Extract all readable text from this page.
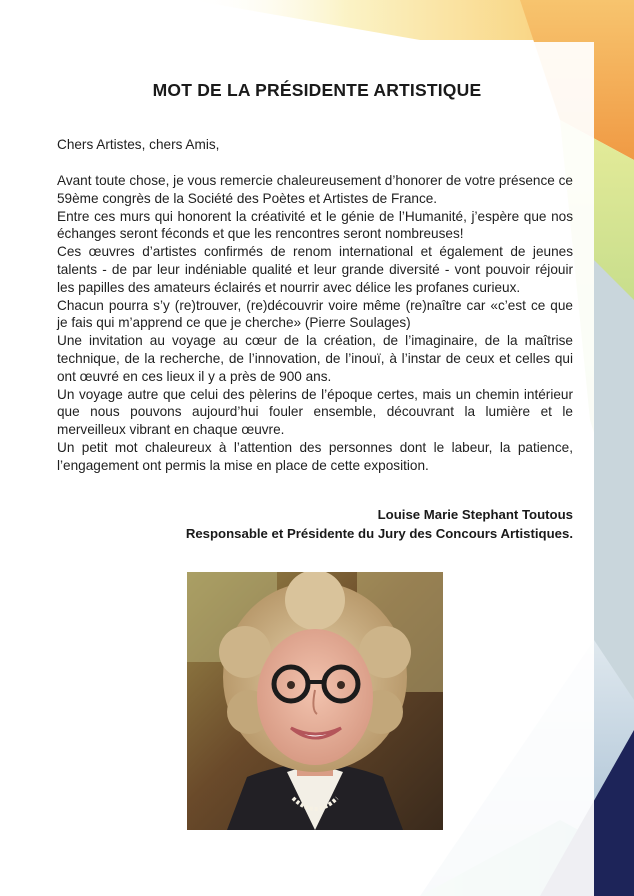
MOT DE LA PRÉSIDENTE ARTISTIQUE

Chers Artistes, chers Amis,

Avant toute chose, je vous remercie chaleureusement d’honorer de votre présence ce 59ème congrès de la Société des Poètes et Artistes de France.

Entre ces murs qui honorent la créativité et le génie de l’Humanité, j’espère que nos échanges seront féconds et que les rencontres seront nombreuses!

Ces œuvres d’artistes confirmés de renom international et également de jeunes talents - de par leur indéniable qualité et leur grande diversité - vont pouvoir réjouir les papilles des amateurs éclairés et nourrir avec délice les profanes curieux.

Chacun pourra s’y (re)trouver, (re)découvrir voire même (re)naître car «c’est ce que je fais qui m’apprend ce que je cherche» (Pierre Soulages)

Une invitation au voyage au cœur de la création, de l’imaginaire, de la maîtrise technique, de la recherche, de l’innovation, de l’inouï, à l’instar de ceux et celles qui ont œuvré en ces lieux il y a près de 900 ans.

Un voyage autre que celui des pèlerins de l’époque certes, mais un chemin intérieur que nous pouvons aujourd’hui fouler ensemble, découvrant la lumière et le merveilleux vibrant en chaque œuvre.

Un petit mot chaleureux à l’attention des personnes dont le labeur, la patience, l’engagement ont permis la mise en place de cette exposition.

Louise Marie Stephant Toutous
Responsable et Présidente du Jury des Concours Artistiques.
